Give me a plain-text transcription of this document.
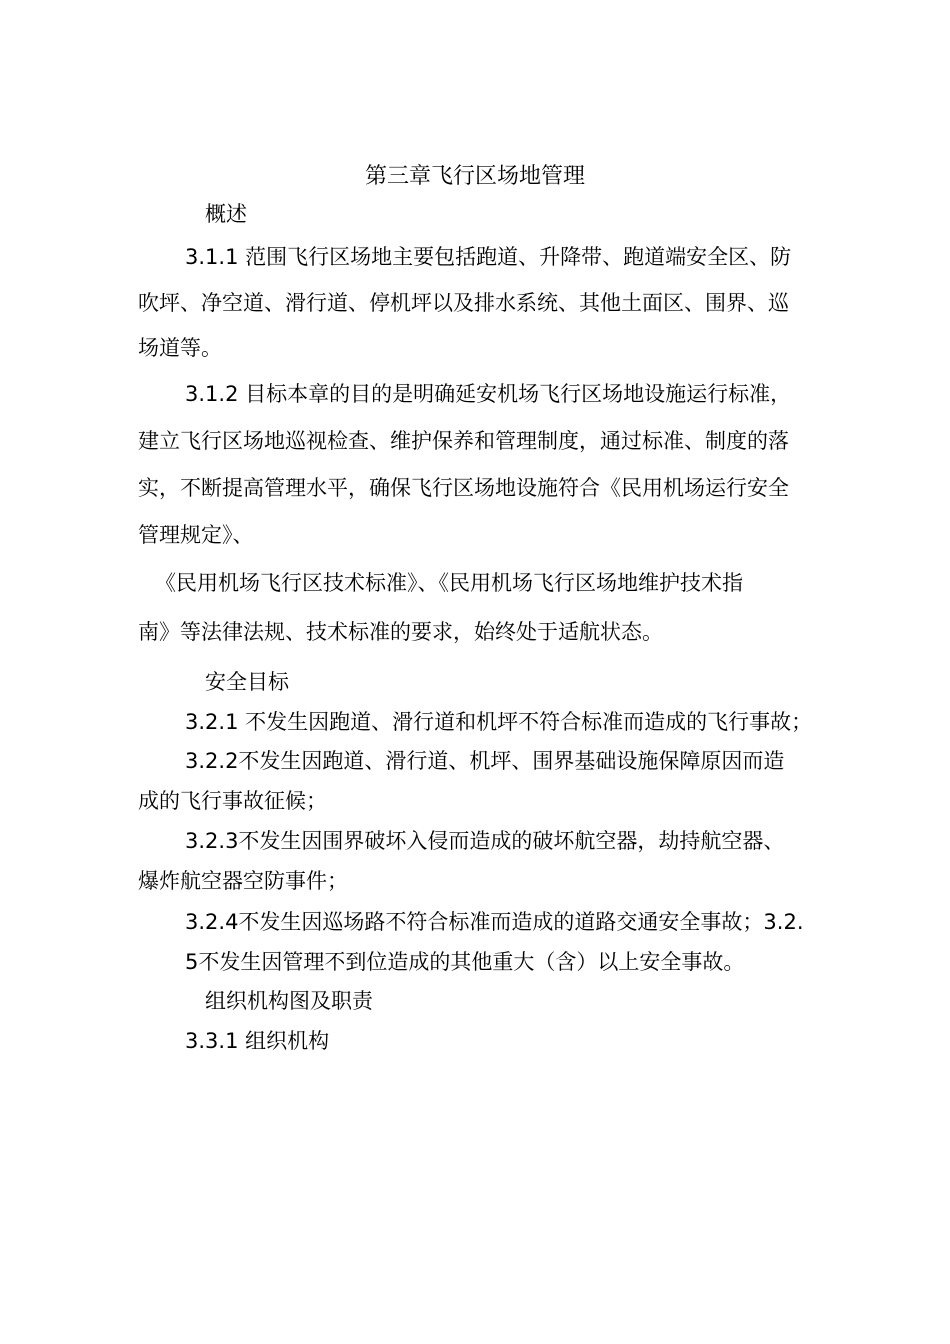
第三章飞行区场地管理

概述

3.1.1 范围飞行区场地主要包括跑道、升降带、跑道端安全区、防

吹坪、净空道、滑行道、停机坪以及排水系统、其他土面区、围界、巡

场道等。

3.1.2 目标本章的目的是明确延安机场飞行区场地设施运行标准，

建立飞行区场地巡视检查、维护保养和管理制度，通过标准、制度的落

实，不断提高管理水平，确保飞行区场地设施符合《民用机场运行安全

管理规定》、

《民用机场飞行区技术标准》、《民用机场飞行区场地维护技术指

南》等法律法规、技术标准的要求，始终处于适航状态。

安全目标

3.2.1 不发生因跑道、滑行道和机坪不符合标准而造成的飞行事故；

3.2.2不发生因跑道、滑行道、机坪、围界基础设施保障原因而造

成的飞行事故征候；

3.2.3不发生因围界破坏入侵而造成的破坏航空器，劫持航空器、

爆炸航空器空防事件；

3.2.4不发生因巡场路不符合标准而造成的道路交通安全事故；3.2.

5不发生因管理不到位造成的其他重大（含）以上安全事故。

组织机构图及职责

3.3.1 组织机构
